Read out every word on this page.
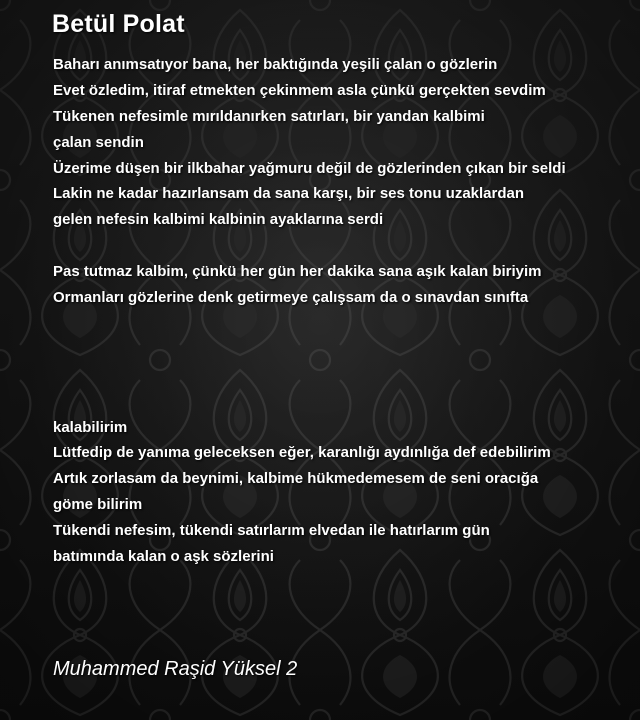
Betül Polat
Baharı anımsatıyor bana, her baktığında yeşili çalan o gözlerin
Evet özledim, itiraf etmekten çekinmem asla çünkü gerçekten sevdim
Tükenen nefesimle mırıldanırken satırları, bir yandan kalbimi
çalan sendin
Üzerime düşen bir ilkbahar yağmuru değil de gözlerinden çıkan bir seldi
Lakin ne kadar hazırlansam da sana karşı, bir ses tonu uzaklardan
gelen nefesin kalbimi kalbinin ayaklarına serdi
Pas tutmaz kalbim, çünkü her gün her dakika sana aşık kalan biriyim
Ormanları gözlerine denk getirmeye çalışsam da o sınavdan sınıfta
kalabilirim
Lütfedip de yanıma geleceksen eğer, karanlığı aydınlığa def edebilirim
Artık zorlasam da beynimi, kalbime hükmedemesem de seni oracığa
göme bilirim
Tükendi nefesim, tükendi satırlarım elvedan ile hatırlarım gün
batımında kalan o aşk sözlerini
Muhammed Raşid Yüksel 2
